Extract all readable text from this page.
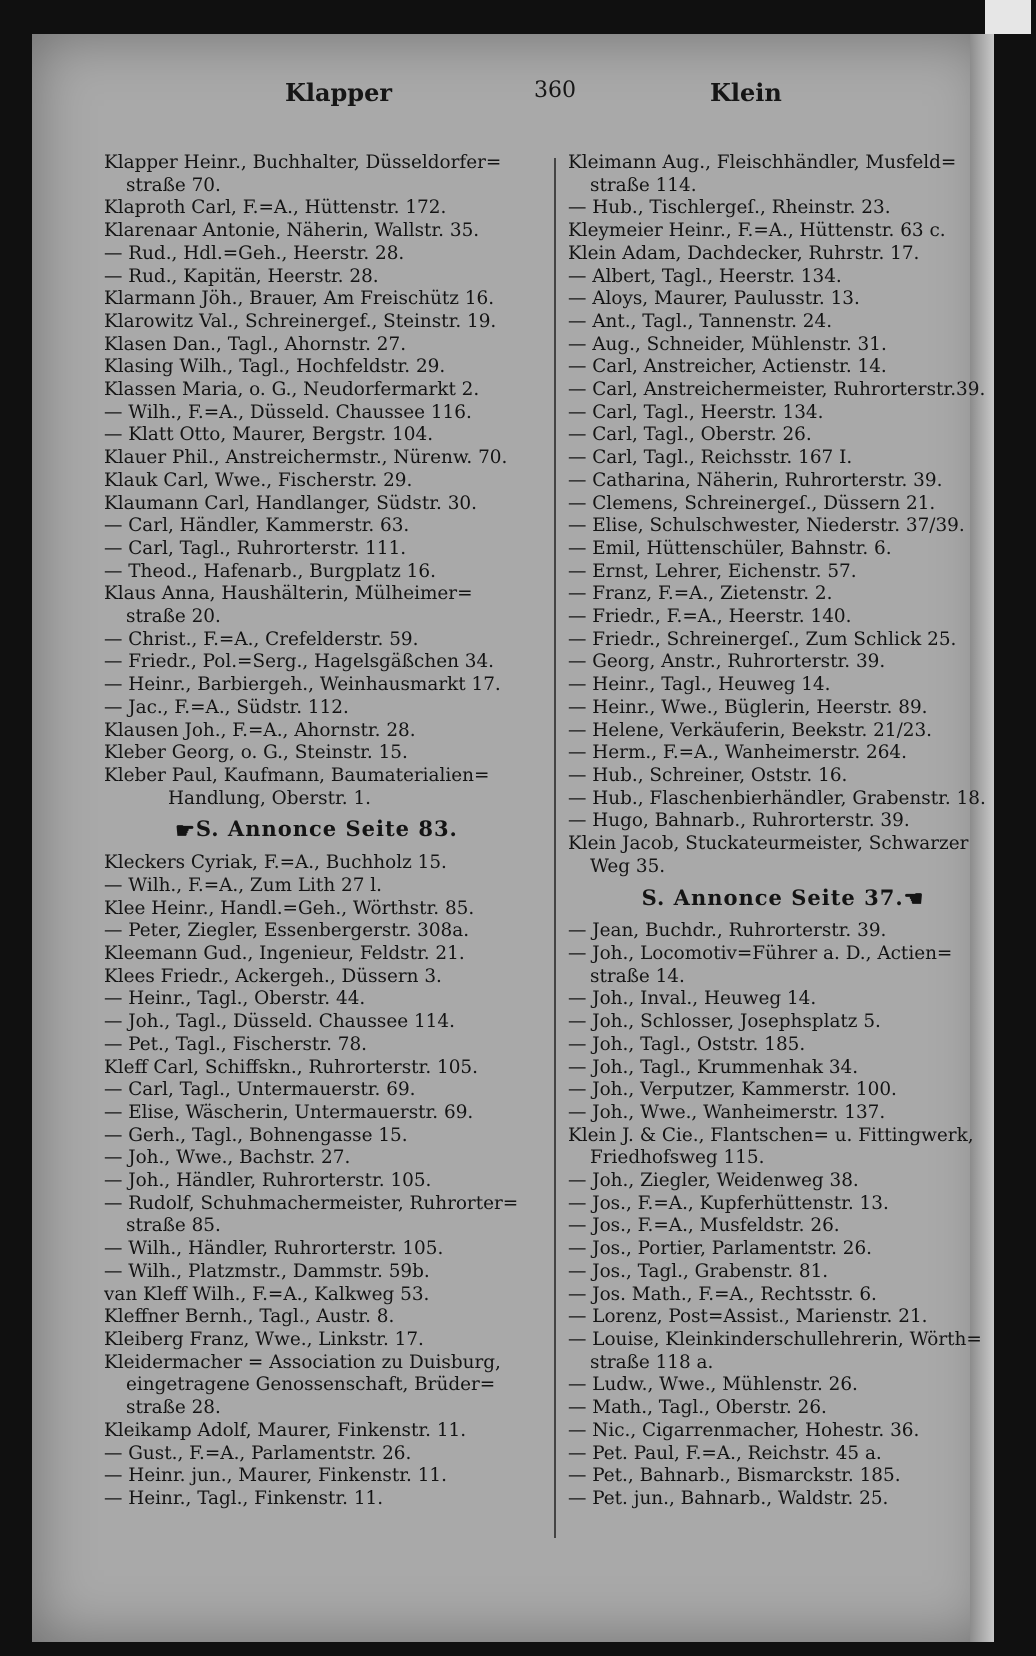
Klapper	360	Klein
Klapper Heinr., Buchhalter, Düsseldorfer=
straße 70.
Klaproth Carl, F.=A., Hüttenstr. 172.
Klarenaar Antonie, Näherin, Wallstr. 35.
— Rud., Hdl.=Geh., Heerstr. 28.
— Rud., Kapitän, Heerstr. 28.
Klarmann Jöh., Brauer, Am Freischütz 16.
Klarowitz Val., Schreinergef., Steinstr. 19.
Klasen Dan., Tagl., Ahornstr. 27.
Klasing Wilh., Tagl., Hochfeldstr. 29.
Klassen Maria, o. G., Neudorfermarkt 2.
— Wilh., F.=A., Düsseld. Chaussee 116.
— Klatt Otto, Maurer, Bergstr. 104.
Klauer Phil., Anstreichermstr., Nürenw. 70.
Klauk Carl, Wwe., Fischerstr. 29.
Klaumann Carl, Handlanger, Südstr. 30.
— Carl, Händler, Kammerstr. 63.
— Carl, Tagl., Ruhrorterstr. 111.
— Theod., Hafenarb., Burgplatz 16.
Klaus Anna, Haushälterin, Mülheimer=
straße 20.
— Christ., F.=A., Crefelderstr. 59.
— Friedr., Pol.=Serg., Hagelsgäßchen 34.
— Heinr., Barbiergeh., Weinhausmarkt 17.
— Jac., F.=A., Südstr. 112.
Klausen Joh., F.=A., Ahornstr. 28.
Kleber Georg, o. G., Steinstr. 15.
Kleber Paul, Kaufmann, Baumaterialien=
Handlung, Oberstr. 1.
☛S. Annonce Seite 83.
Kleckers Cyriak, F.=A., Buchholz 15.
— Wilh., F.=A., Zum Lith 27 l.
Klee Heinr., Handl.=Geh., Wörthstr. 85.
— Peter, Ziegler, Essenbergerstr. 308a.
Kleemann Gud., Ingenieur, Feldstr. 21.
Klees Friedr., Ackergeh., Düssern 3.
— Heinr., Tagl., Oberstr. 44.
— Joh., Tagl., Düsseld. Chaussee 114.
— Pet., Tagl., Fischerstr. 78.
Kleff Carl, Schiffskn., Ruhrorterstr. 105.
— Carl, Tagl., Untermauerstr. 69.
— Elise, Wäscherin, Untermauerstr. 69.
— Gerh., Tagl., Bohnengasse 15.
— Joh., Wwe., Bachstr. 27.
— Joh., Händler, Ruhrorterstr. 105.
— Rudolf, Schuhmachermeister, Ruhrorter=
straße 85.
— Wilh., Händler, Ruhrorterstr. 105.
— Wilh., Platzmstr., Dammstr. 59b.
van Kleff Wilh., F.=A., Kalkweg 53.
Kleffner Bernh., Tagl., Austr. 8.
Kleiberg Franz, Wwe., Linkstr. 17.
Kleidermacher = Association zu Duisburg,
eingetragene Genossenschaft, Brüder=
straße 28.
Kleikamp Adolf, Maurer, Finkenstr. 11.
— Gust., F.=A., Parlamentstr. 26.
— Heinr. jun., Maurer, Finkenstr. 11.
— Heinr., Tagl., Finkenstr. 11.
Kleimann Aug., Fleischhändler, Musfeld=
straße 114.
— Hub., Tischlergeſ., Rheinstr. 23.
Kleymeier Heinr., F.=A., Hüttenstr. 63 c.
Klein Adam, Dachdecker, Ruhrstr. 17.
— Albert, Tagl., Heerstr. 134.
— Aloys, Maurer, Paulusstr. 13.
— Ant., Tagl., Tannenstr. 24.
— Aug., Schneider, Mühlenstr. 31.
— Carl, Anstreicher, Actienstr. 14.
— Carl, Anstreichermeister, Ruhrorterstr.39.
— Carl, Tagl., Heerstr. 134.
— Carl, Tagl., Oberstr. 26.
— Carl, Tagl., Reichsstr. 167 I.
— Catharina, Näherin, Ruhrorterstr. 39.
— Clemens, Schreinergeſ., Düssern 21.
— Elise, Schulschwester, Niederstr. 37/39.
— Emil, Hüttenschüler, Bahnstr. 6.
— Ernst, Lehrer, Eichenstr. 57.
— Franz, F.=A., Zietenstr. 2.
— Friedr., F.=A., Heerstr. 140.
— Friedr., Schreinergeſ., Zum Schlick 25.
— Georg, Anstr., Ruhrorterstr. 39.
— Heinr., Tagl., Heuweg 14.
— Heinr., Wwe., Büglerin, Heerstr. 89.
— Helene, Verkäuferin, Beekstr. 21/23.
— Herm., F.=A., Wanheimerstr. 264.
— Hub., Schreiner, Oststr. 16.
— Hub., Flaschenbierhändler, Grabenstr. 18.
— Hugo, Bahnarb., Ruhrorterstr. 39.
Klein Jacob, Stuckateurmeister, Schwarzer
Weg 35.
S. Annonce Seite 37.☚
— Jean, Buchdr., Ruhrorterstr. 39.
— Joh., Locomotiv=Führer a. D., Actien=
straße 14.
— Joh., Inval., Heuweg 14.
— Joh., Schlosser, Josephsplatz 5.
— Joh., Tagl., Oststr. 185.
— Joh., Tagl., Krummenhak 34.
— Joh., Verputzer, Kammerstr. 100.
— Joh., Wwe., Wanheimerstr. 137.
Klein J. & Cie., Flantschen= u. Fittingwerk,
Friedhofsweg 115.
— Joh., Ziegler, Weidenweg 38.
— Jos., F.=A., Kupferhüttenstr. 13.
— Jos., F.=A., Musfeldstr. 26.
— Jos., Portier, Parlamentstr. 26.
— Jos., Tagl., Grabenstr. 81.
— Jos. Math., F.=A., Rechtsstr. 6.
— Lorenz, Post=Assist., Marienstr. 21.
— Louise, Kleinkinderschullehrerin, Wörth=
straße 118 a.
— Ludw., Wwe., Mühlenstr. 26.
— Math., Tagl., Oberstr. 26.
— Nic., Cigarrenmacher, Hohestr. 36.
— Pet. Paul, F.=A., Reichstr. 45 a.
— Pet., Bahnarb., Bismarckstr. 185.
— Pet. jun., Bahnarb., Waldstr. 25.
